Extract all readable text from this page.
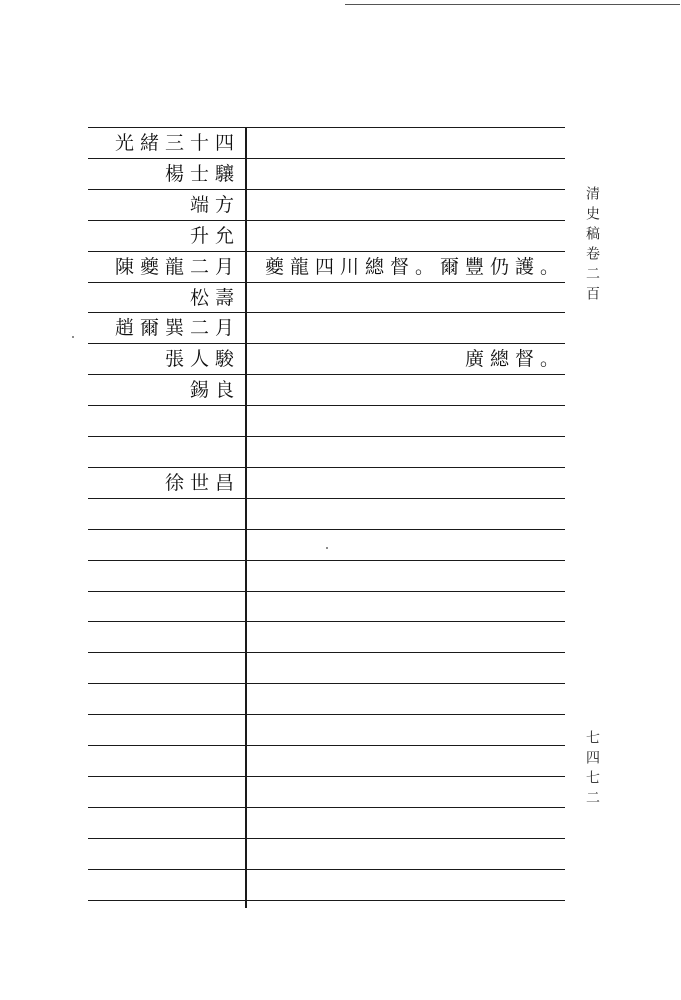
光緒三十四
楊士驤
端方
升允
陳夔龍二月	夔龍四川總督。爾豐仍護。
松壽
趙爾巽二月
張人駿	廣總督。
錫良
徐世昌
清史稿卷二百
七四七二
